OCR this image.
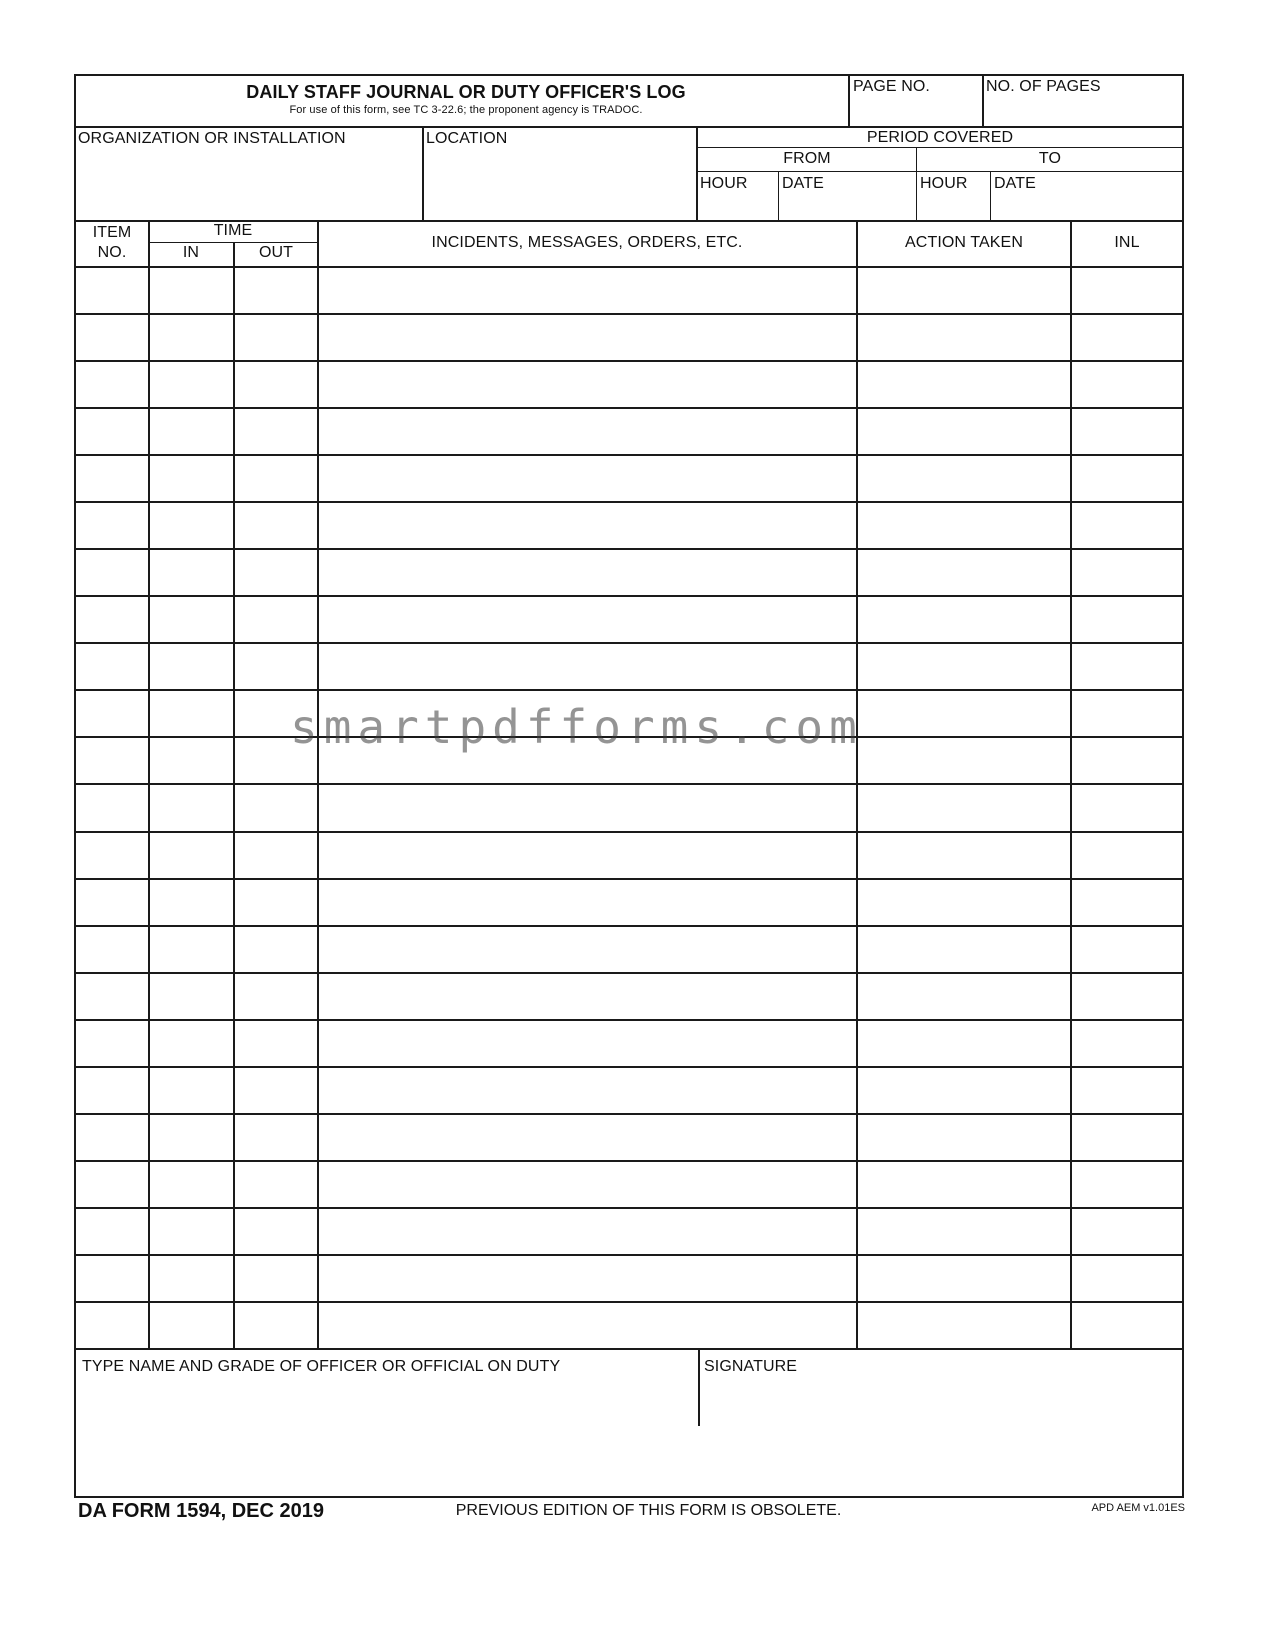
DAILY STAFF JOURNAL OR DUTY OFFICER'S LOG
For use of this form, see TC 3-22.6; the proponent agency is TRADOC.
PAGE NO.	NO. OF PAGES
ORGANIZATION OR INSTALLATION	LOCATION	PERIOD COVERED
FROM	TO
HOUR DATE	HOUR DATE
ITEM
NO.
TIME
IN	OUT
INCIDENTS, MESSAGES, ORDERS, ETC.	ACTION TAKEN	INL
TYPE NAME AND GRADE OF OFFICER OR OFFICIAL ON DUTY	SIGNATURE
smartpdfforms.com
DA FORM 1594, DEC 2019	PREVIOUS EDITION OF THIS FORM IS OBSOLETE.	APD AEM v1.01ES
